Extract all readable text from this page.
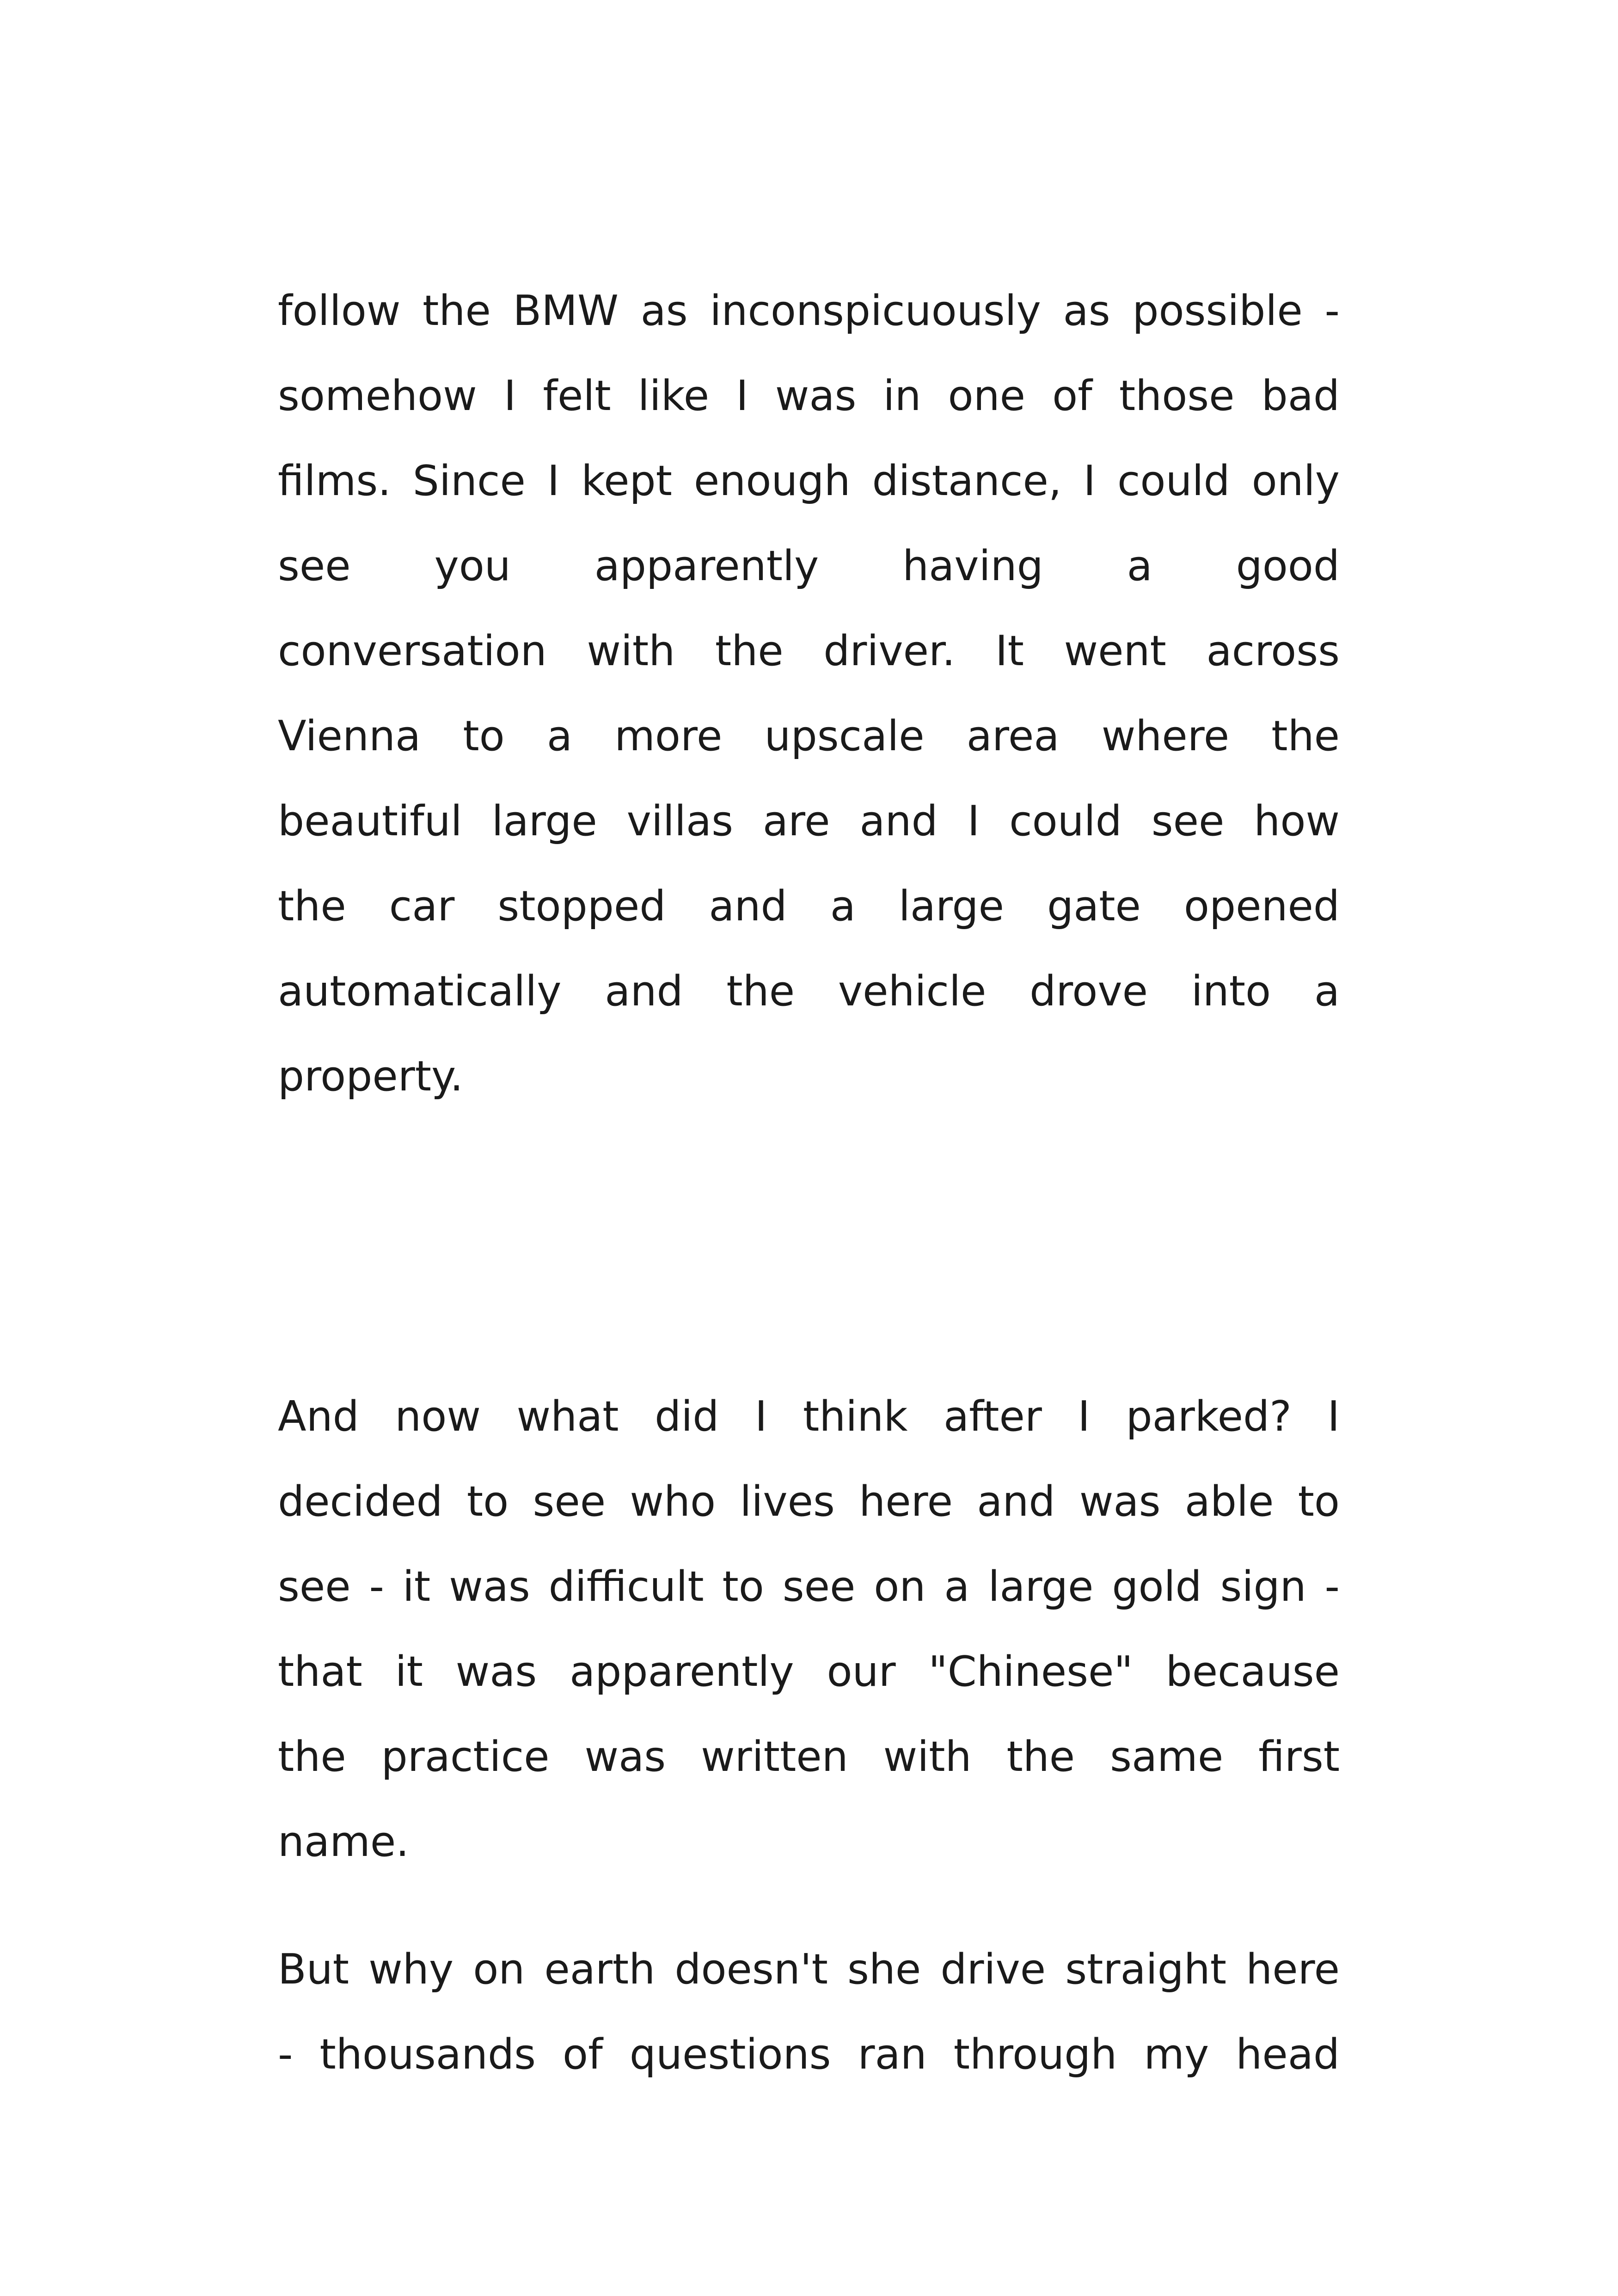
follow the BMW as inconspicuously as possible -
somehow I felt like I was in one of those bad
films. Since I kept enough distance, I could only
see you apparently having a good
conversation with the driver. It went across
Vienna to a more upscale area where the
beautiful large villas are and I could see how
the car stopped and a large gate opened
automatically and the vehicle drove into a
property.
And now what did I think after I parked? I
decided to see who lives here and was able to
see - it was difficult to see on a large gold sign -
that it was apparently our "Chinese" because
the practice was written with the same first
name.
But why on earth doesn't she drive straight here
- thousands of questions ran through my head
